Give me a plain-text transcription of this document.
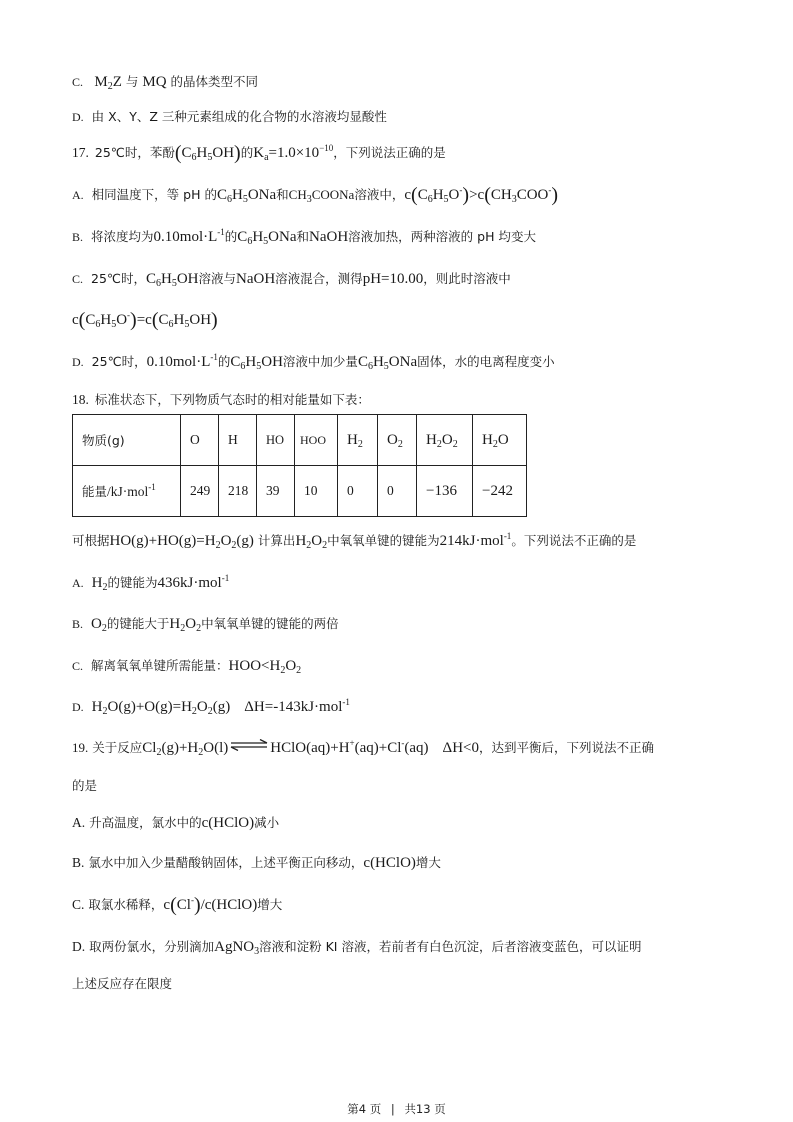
C. $M_2Z$ 与 MQ 的晶体类型不同
D. 由 X、Y、Z 三种元素组成的化合物的水溶液均显酸性
17. 25℃时，苯酚$(C_6H_5OH)$的$K_a=1.0\times 10^{-10}$，下列说法正确的是
A. 相同温度下，等 pH 的$C_6H_5ONa$和$CH_3COONa$溶液中，$c(C_6H_5O^-)>c(CH_3COO^-)$
B. 将浓度均为$0.10mol\cdot L^{-1}$的$C_6H_5ONa$和NaOH溶液加热，两种溶液的 pH 均变大
C. 25℃时，$C_6H_5OH$溶液与NaOH溶液混合，测得pH=10.00，则此时溶液中
$c(C_6H_5O^-)=c(C_6H_5OH)$
D. 25℃时，$0.10mol\cdot L^{-1}$的$C_6H_5OH$溶液中加少量$C_6H_5ONa$固体，水的电离程度变小
18. 标准状态下，下列物质气态时的相对能量如下表：
物质(g)	O	H	HO	HOO	$H_2$	$O_2$	$H_2O_2$	$H_2O$
能量/kJ·mol$^{-1}$	249	218	39	10	0	0	−136	−242
可根据$HO(g)+HO(g)=H_2O_2(g)$ 计算出$H_2O_2$中氧氧单键的键能为214kJ·mol$^{-1}$。下列说法不正确的是
A. $H_2$的键能为436kJ·mol$^{-1}$
B. $O_2$的键能大于$H_2O_2$中氧氧单键的键能的两倍
C. 解离氧氧单键所需能量：$HOO<H_2O_2$
D. $H_2O(g)+O(g)=H_2O_2(g)$ ΔH=-143kJ·mol$^{-1}$
19. 关于反应$Cl_2(g)+H_2O(l)\rightleftharpoons HClO(aq)+H^+(aq)+Cl^-(aq)$ ΔH<0，达到平衡后，下列说法不正确
的是
A. 升高温度，氯水中的c(HClO)减小
B. 氯水中加入少量醋酸钠固体，上述平衡正向移动，c(HClO)增大
C. 取氯水稀释，c(Cl-)/c(HClO)增大
D. 取两份氯水，分别滴加AgNO$_3$溶液和淀粉 KI 溶液，若前者有白色沉淀，后者溶液变蓝色，可以证明
上述反应存在限度
第4 页 | 共13 页
